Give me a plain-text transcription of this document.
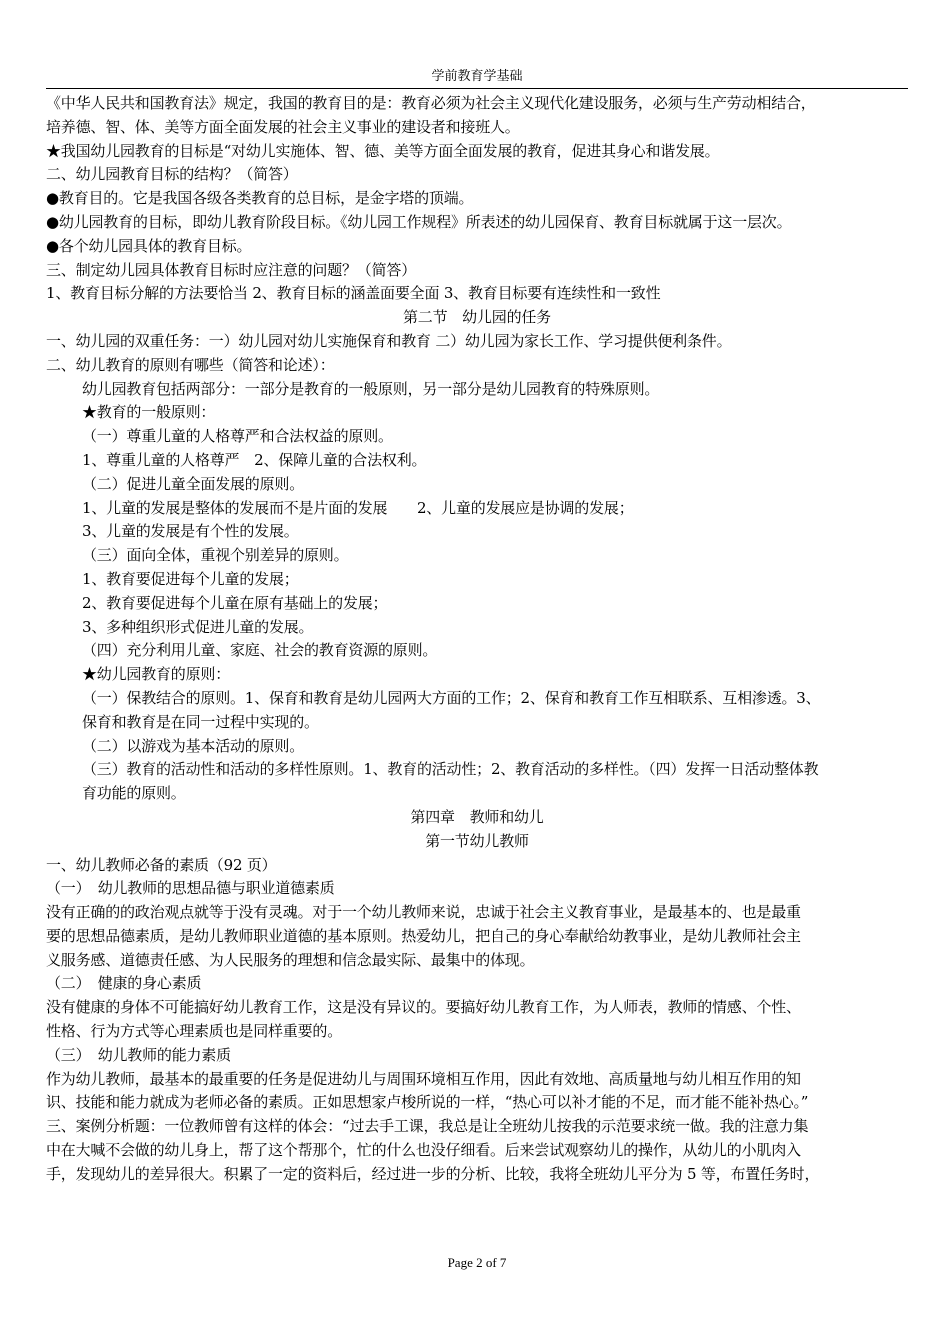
学前教育学基础

《中华人民共和国教育法》规定，我国的教育目的是：教育必须为社会主义现代化建设服务，必须与生产劳动相结合，

培养德、智、体、美等方面全面发展的社会主义事业的建设者和接班人。

★我国幼儿园教育的目标是“对幼儿实施体、智、德、美等方面全面发展的教育，促进其身心和谐发展。

二、幼儿园教育目标的结构？（简答）

●教育目的。它是我国各级各类教育的总目标，是金字塔的顶端。

●幼儿园教育的目标，即幼儿教育阶段目标。《幼儿园工作规程》所表述的幼儿园保育、教育目标就属于这一层次。

●各个幼儿园具体的教育目标。

三、制定幼儿园具体教育目标时应注意的问题？（简答）

1、教育目标分解的方法要恰当 2、教育目标的涵盖面要全面 3、教育目标要有连续性和一致性

第二节　幼儿园的任务

一、幼儿园的双重任务：一）幼儿园对幼儿实施保育和教育 二）幼儿园为家长工作、学习提供便利条件。

二、幼儿教育的原则有哪些（简答和论述）：

幼儿园教育包括两部分：一部分是教育的一般原则，另一部分是幼儿园教育的特殊原则。

★教育的一般原则：

（一）尊重儿童的人格尊严和合法权益的原则。

1、尊重儿童的人格尊严　2、保障儿童的合法权利。

（二）促进儿童全面发展的原则。

1、儿童的发展是整体的发展而不是片面的发展　　2、儿童的发展应是协调的发展；

3、儿童的发展是有个性的发展。

（三）面向全体，重视个别差异的原则。

1、教育要促进每个儿童的发展；

2、教育要促进每个儿童在原有基础上的发展；

3、多种组织形式促进儿童的发展。

（四）充分利用儿童、家庭、社会的教育资源的原则。

★幼儿园教育的原则：

（一）保教结合的原则。1、保育和教育是幼儿园两大方面的工作；2、保育和教育工作互相联系、互相渗透。3、

保育和教育是在同一过程中实现的。

（二）以游戏为基本活动的原则。

（三）教育的活动性和活动的多样性原则。1、教育的活动性；2、教育活动的多样性。（四）发挥一日活动整体教

育功能的原则。

第四章　教师和幼儿

第一节幼儿教师

一、幼儿教师必备的素质（92 页）

（一）　幼儿教师的思想品德与职业道德素质

没有正确的的政治观点就等于没有灵魂。对于一个幼儿教师来说，忠诚于社会主义教育事业，是最基本的、也是最重

要的思想品德素质，是幼儿教师职业道德的基本原则。热爱幼儿，把自己的身心奉献给幼教事业，是幼儿教师社会主

义服务感、道德责任感、为人民服务的理想和信念最实际、最集中的体现。

（二）　健康的身心素质

没有健康的身体不可能搞好幼儿教育工作，这是没有异议的。要搞好幼儿教育工作，为人师表，教师的情感、个性、

性格、行为方式等心理素质也是同样重要的。

（三）　幼儿教师的能力素质

作为幼儿教师，最基本的最重要的任务是促进幼儿与周围环境相互作用，因此有效地、高质量地与幼儿相互作用的知

识、技能和能力就成为老师必备的素质。正如思想家卢梭所说的一样，“热心可以补才能的不足，而才能不能补热心。”

三、案例分析题：一位教师曾有这样的体会：“过去手工课，我总是让全班幼儿按我的示范要求统一做。我的注意力集

中在大喊不会做的幼儿身上，帮了这个帮那个，忙的什么也没仔细看。后来尝试观察幼儿的操作，从幼儿的小肌肉入

手，发现幼儿的差异很大。积累了一定的资料后，经过进一步的分析、比较，我将全班幼儿平分为 5 等，布置任务时，

Page 2 of 7
